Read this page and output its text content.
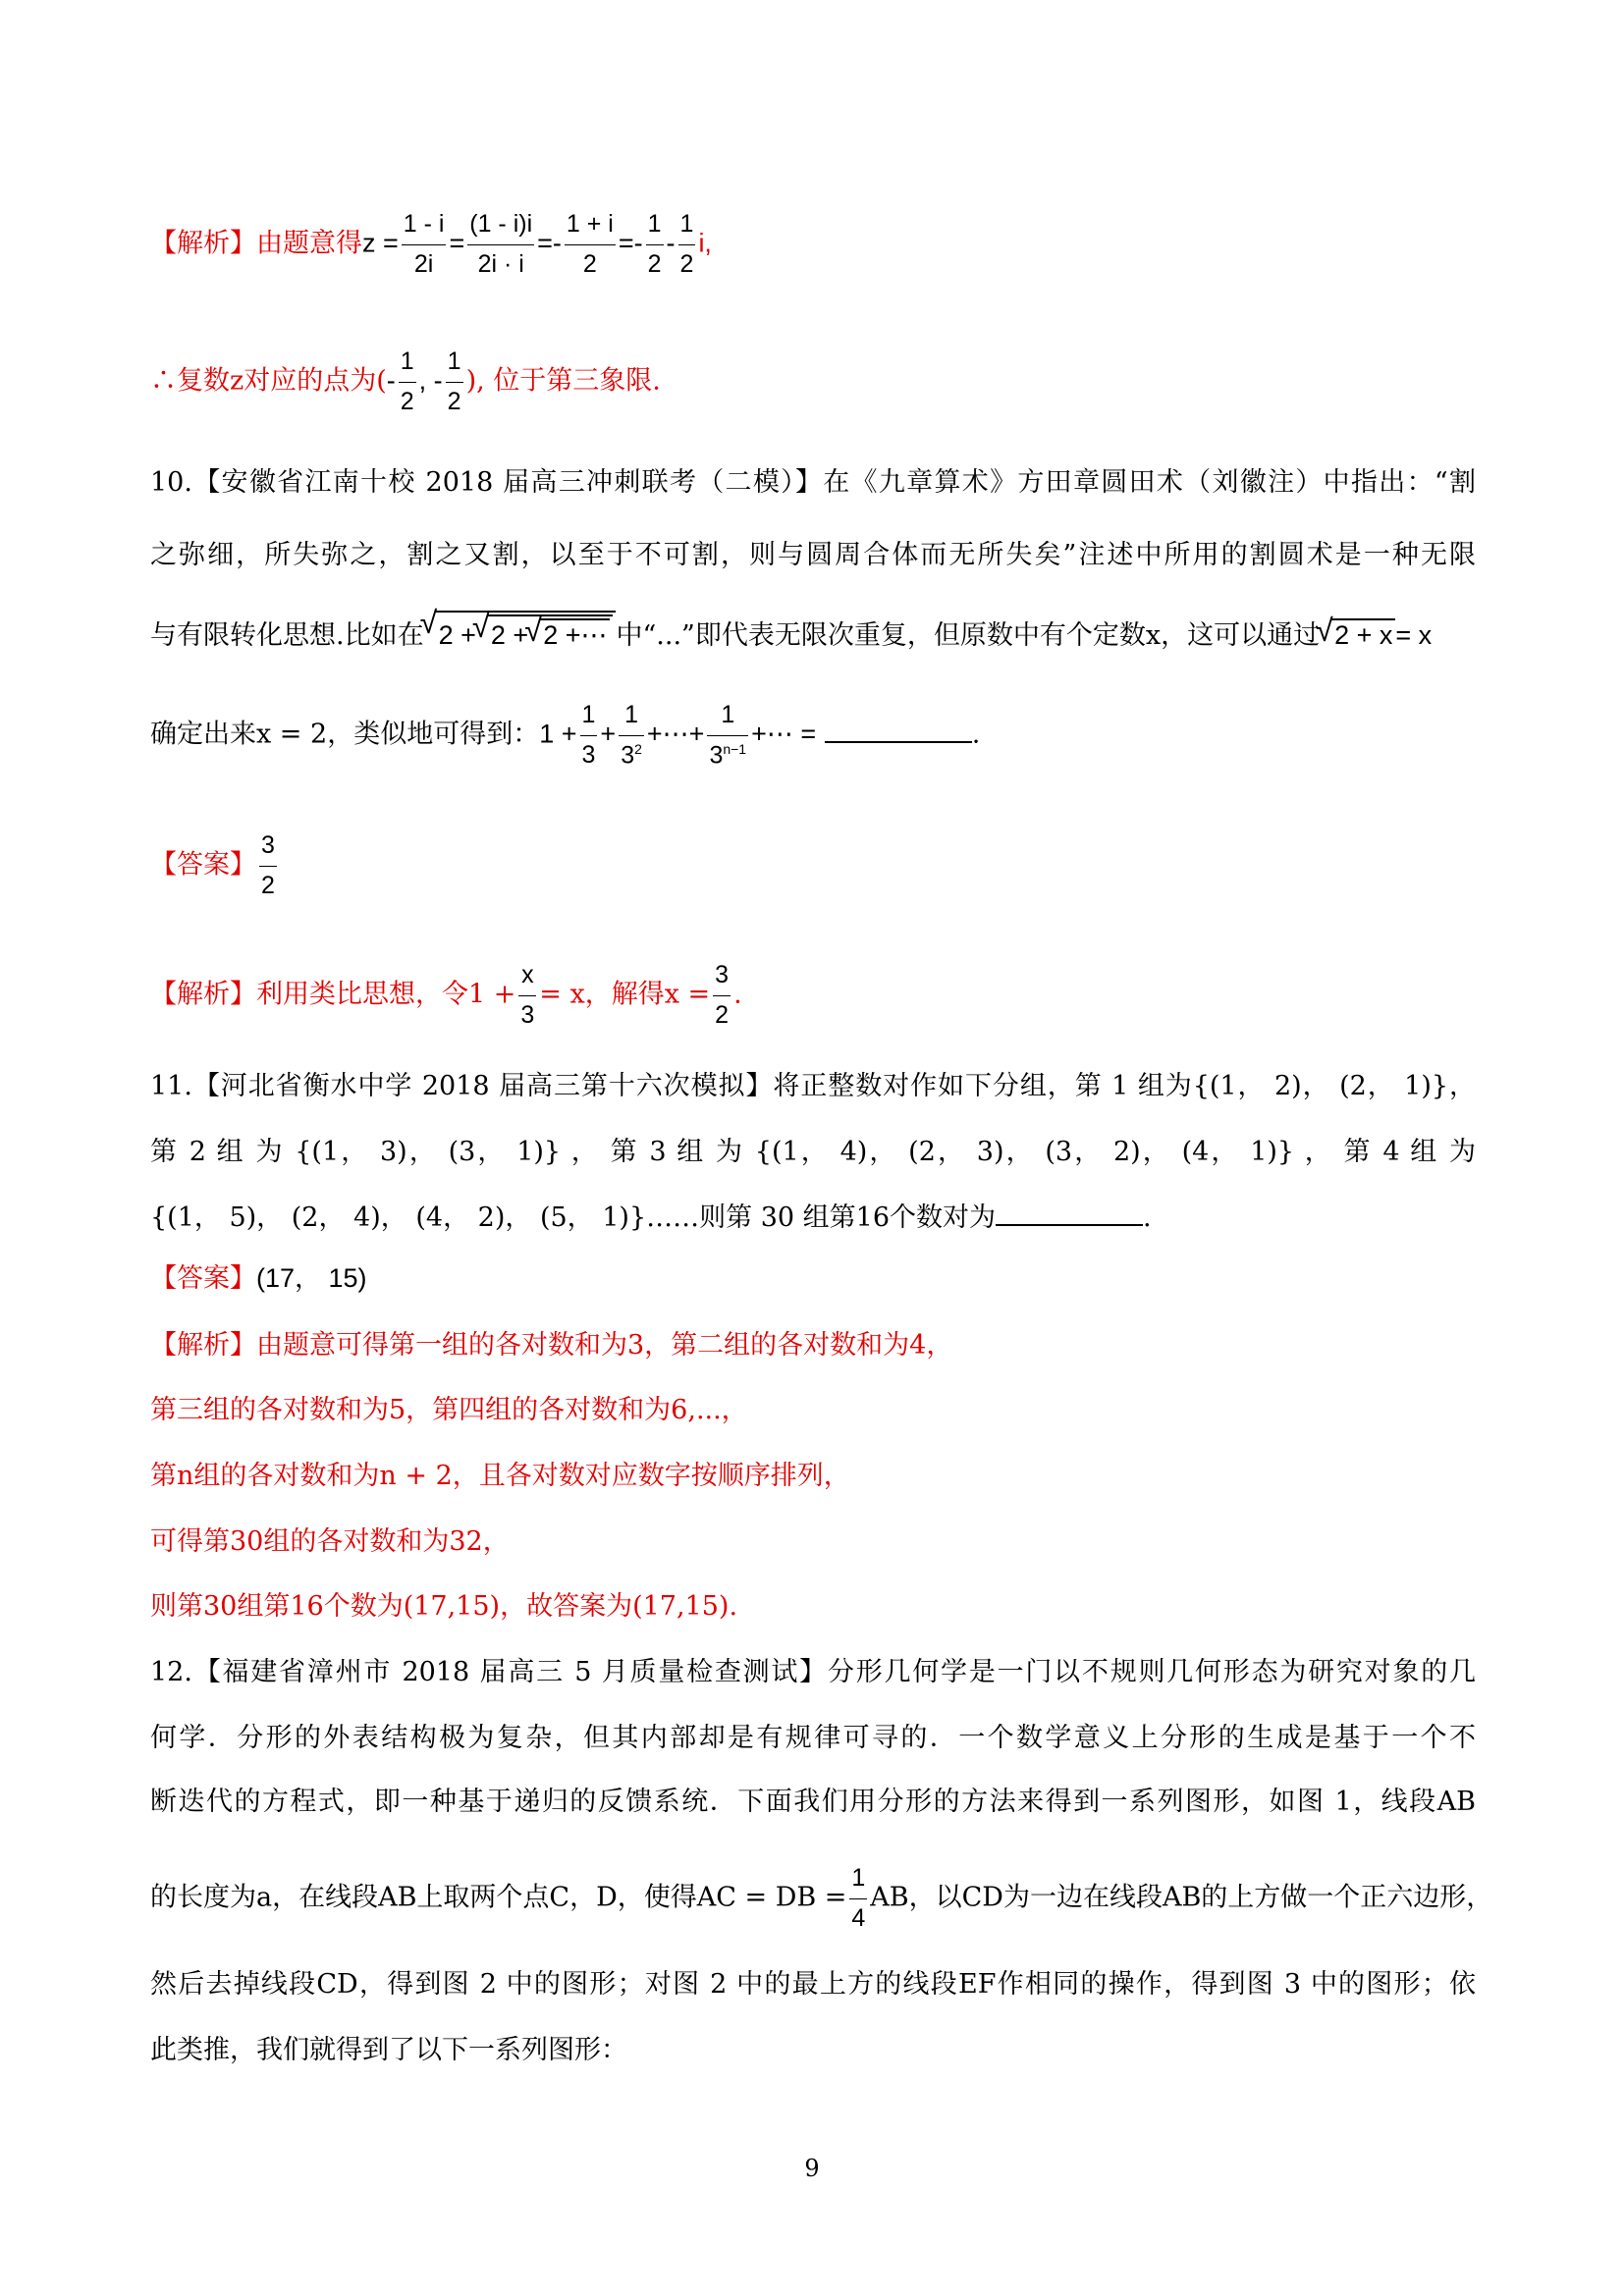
【解析】由题意得$z = \frac{1 - i}{2i} = \frac{(1 - i)i}{2i \cdot i} =- \frac{1 + i}{2} =- \frac{1}{2} - \frac{1}{2} i$,
∴复数z对应的点为(- $\frac{1}{2}$ , - $\frac{1}{2}$ ), 位于第三象限.
10.【安徽省江南十校 2018 届高三冲刺联考（二模）】在《九章算术》方田章圆田术（刘徽注）中指出：“割
之弥细，所失弥之，割之又割，以至于不可割，则与圆周合体而无所失矣”注述中所用的割圆术是一种无限
与有限转化思想.比如在 √ 2 + √ 2 + √ 2 +⋯ 中“...”即代表无限次重复，但原数中有个定数x，这可以通过 √ 2 + x = x
确定出来x = 2，类似地可得到：$1 + \frac{1}{3} + \frac{1}{3^2}$ +⋯+ $\frac{1}{3^{n-1}}$ +⋯ =	.
【答案】 $\frac{3}{2}$
【解析】利用类比思想，令$1 + \frac{x}{3} = x$，解得$x = \frac{3}{2}$ .
11.【河北省衡水中学 2018 届高三第十六次模拟】将正整数对作如下分组，第 1 组为{(1， 2)， (2， 1)}，
第 2 组 为 {(1， 3)， (3， 1)} ， 第 3 组 为 {(1， 4)， (2， 3)， (3， 2)， (4， 1)} ， 第 4 组 为
{(1， 5)， (2， 4)， (4， 2)， (5， 1)}……则第 30 组第16个数对为	.
【答案】(17， 15)
【解析】由题意可得第一组的各对数和为3，第二组的各对数和为4，
第三组的各对数和为5，第四组的各对数和为6,...，
第n组的各对数和为n + 2，且各对数对应数字按顺序排列，
可得第30组的各对数和为32，
则第30组第16个数为(17,15)，故答案为(17,15).
12.【福建省漳州市 2018 届高三 5 月质量检查测试】分形几何学是一门以不规则几何形态为研究对象的几
何学．分形的外表结构极为复杂，但其内部却是有规律可寻的．一个数学意义上分形的生成是基于一个不
断迭代的方程式，即一种基于递归的反馈系统．下面我们用分形的方法来得到一系列图形，如图 1，线段AB
的长度为a，在线段AB上取两个点C，D，使得AC = DB = $\frac{1}{4}$ AB，以CD为一边在线段AB的上方做一个正六边形，
然后去掉线段CD，得到图 2 中的图形；对图 2 中的最上方的线段EF作相同的操作，得到图 3 中的图形；依
此类推，我们就得到了以下一系列图形：
9
